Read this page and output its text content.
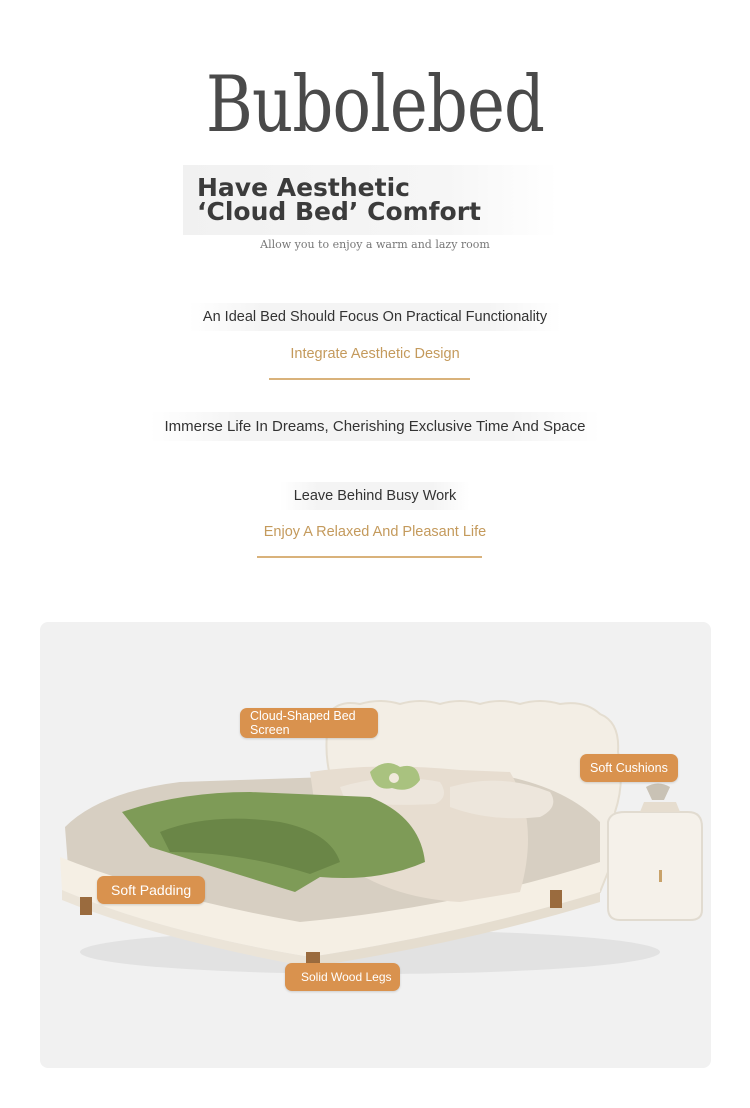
Bubolebed
Have Aesthetic
‘Cloud Bed’ Comfort
Allow you to enjoy a warm and lazy room
An Ideal Bed Should Focus On Practical Functionality
Integrate Aesthetic Design
Immerse Life In Dreams, Cherishing Exclusive Time And Space
Leave Behind Busy Work
Enjoy A Relaxed And Pleasant Life
Cloud-Shaped Bed Screen
Soft Cushions
Soft Padding
Solid Wood Legs
